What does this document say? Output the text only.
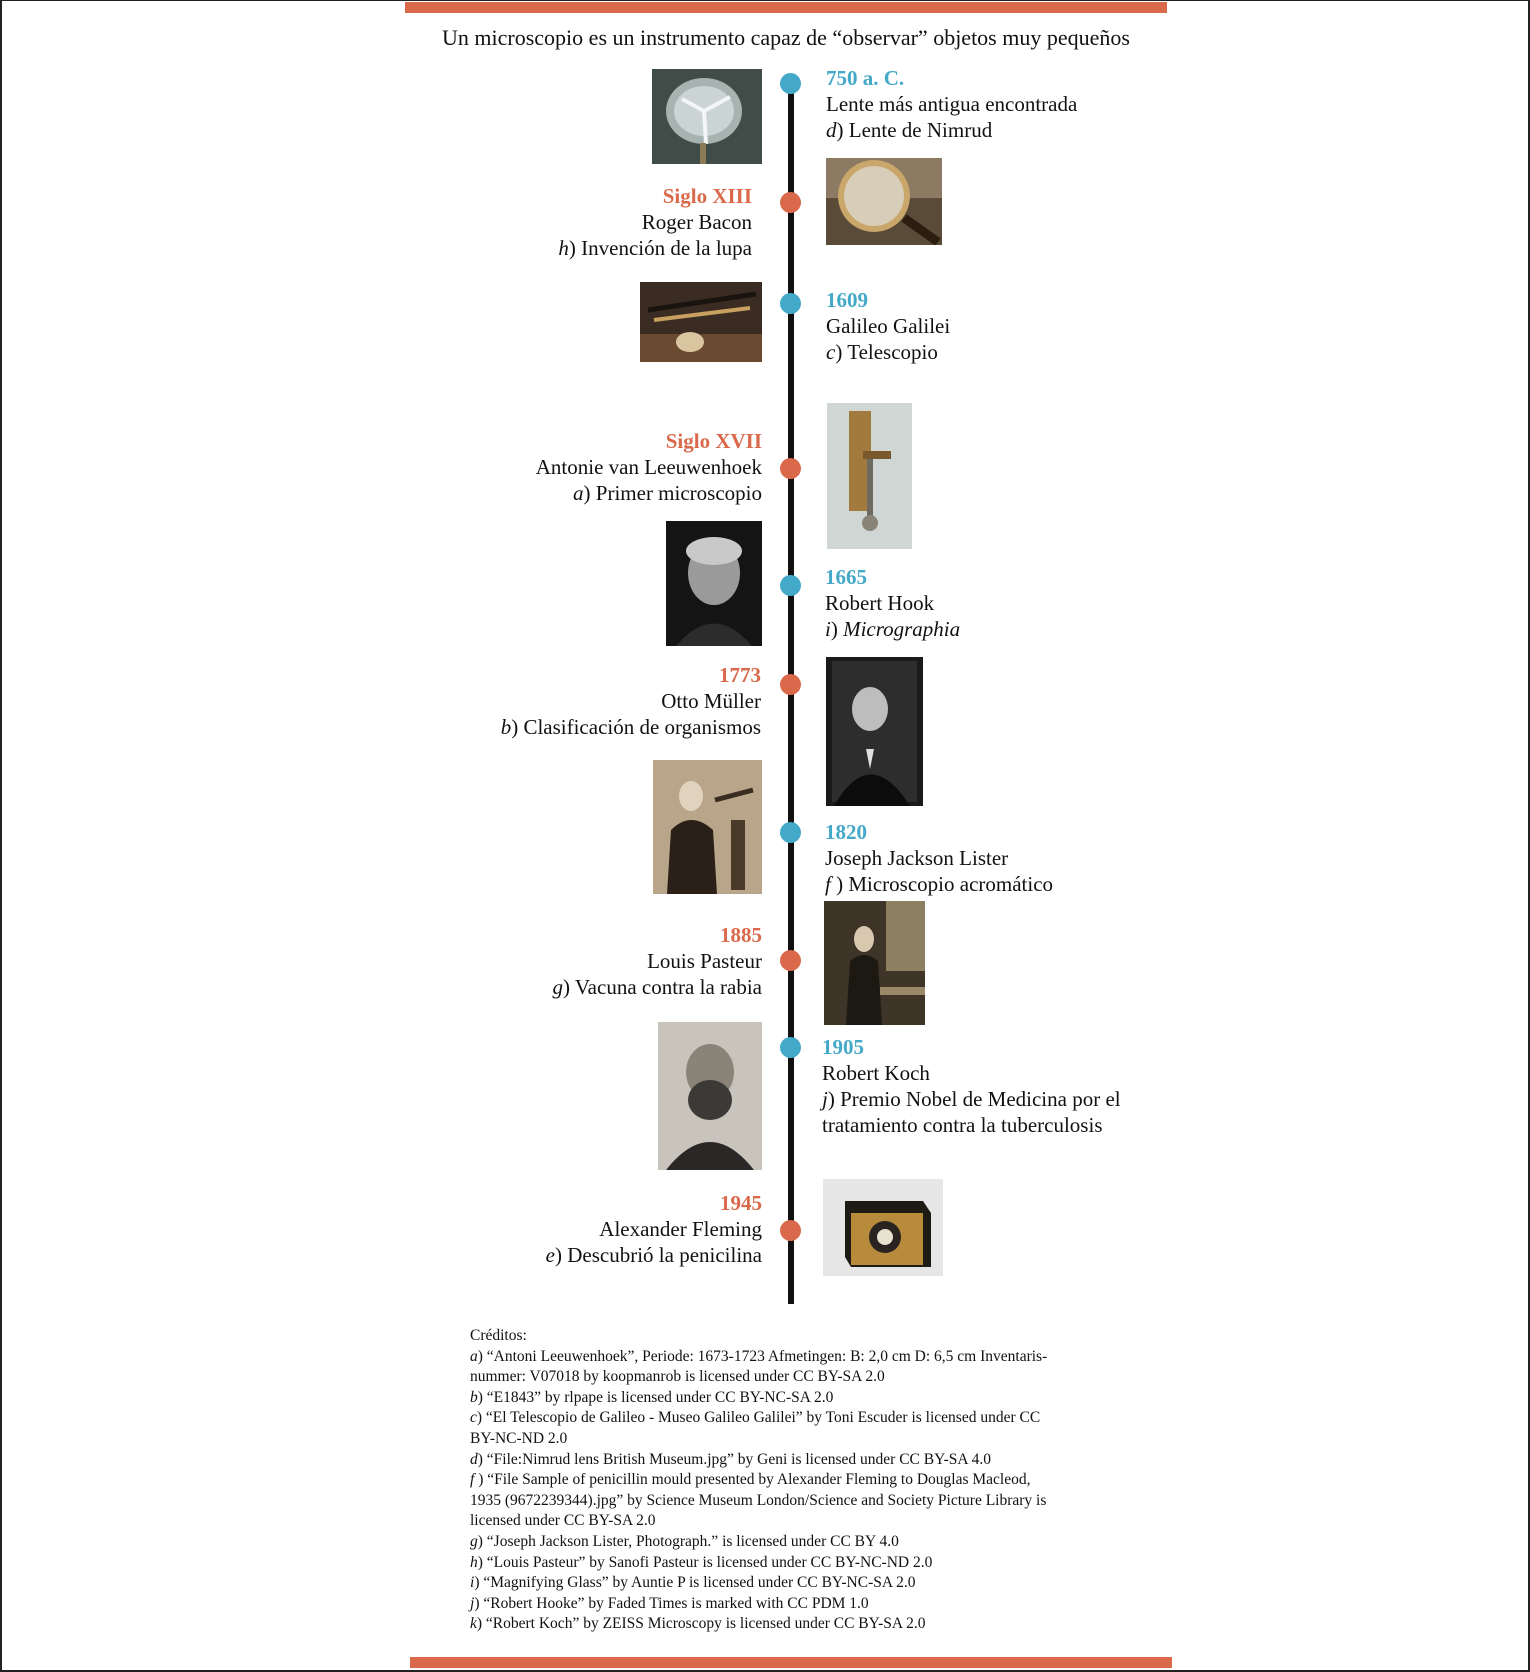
Un microscopio es un instrumento capaz de “observar” objetos muy pequeños
750 a. C.
Lente más antigua encontrada
d) Lente de Nimrud
Siglo XIII
Roger Bacon
h) Invención de la lupa
1609
Galileo Galilei
c) Telescopio
Siglo XVII
Antonie van Leeuwenhoek
a) Primer microscopio
1665
Robert Hook
i) Micrographia
1773
Otto Müller
b) Clasificación de organismos
1820
Joseph Jackson Lister
f ) Microscopio acromático
1885
Louis Pasteur
g) Vacuna contra la rabia
1905
Robert Koch
j) Premio Nobel de Medicina por el
tratamiento contra la tuberculosis
1945
Alexander Fleming
e) Descubrió la penicilina
Créditos:
a) “Antoni Leeuwenhoek”, Periode: 1673-1723 Afmetingen: B: 2,0 cm D: 6,5 cm Inventaris-
nummer: V07018 by koopmanrob is licensed under CC BY-SA 2.0
b) “E1843” by rlpape is licensed under CC BY-NC-SA 2.0
c) “El Telescopio de Galileo - Museo Galileo Galilei” by Toni Escuder is licensed under CC
BY-NC-ND 2.0
d) “File:Nimrud lens British Museum.jpg” by Geni is licensed under CC BY-SA 4.0
f ) “File Sample of penicillin mould presented by Alexander Fleming to Douglas Macleod,
1935 (9672239344).jpg” by Science Museum London/Science and Society Picture Library is
licensed under CC BY-SA 2.0
g) “Joseph Jackson Lister, Photograph.” is licensed under CC BY 4.0
h) “Louis Pasteur” by Sanofi Pasteur is licensed under CC BY-NC-ND 2.0
i) “Magnifying Glass” by Auntie P is licensed under CC BY-NC-SA 2.0
j) “Robert Hooke” by Faded Times is marked with CC PDM 1.0
k) “Robert Koch” by ZEISS Microscopy is licensed under CC BY-SA 2.0
